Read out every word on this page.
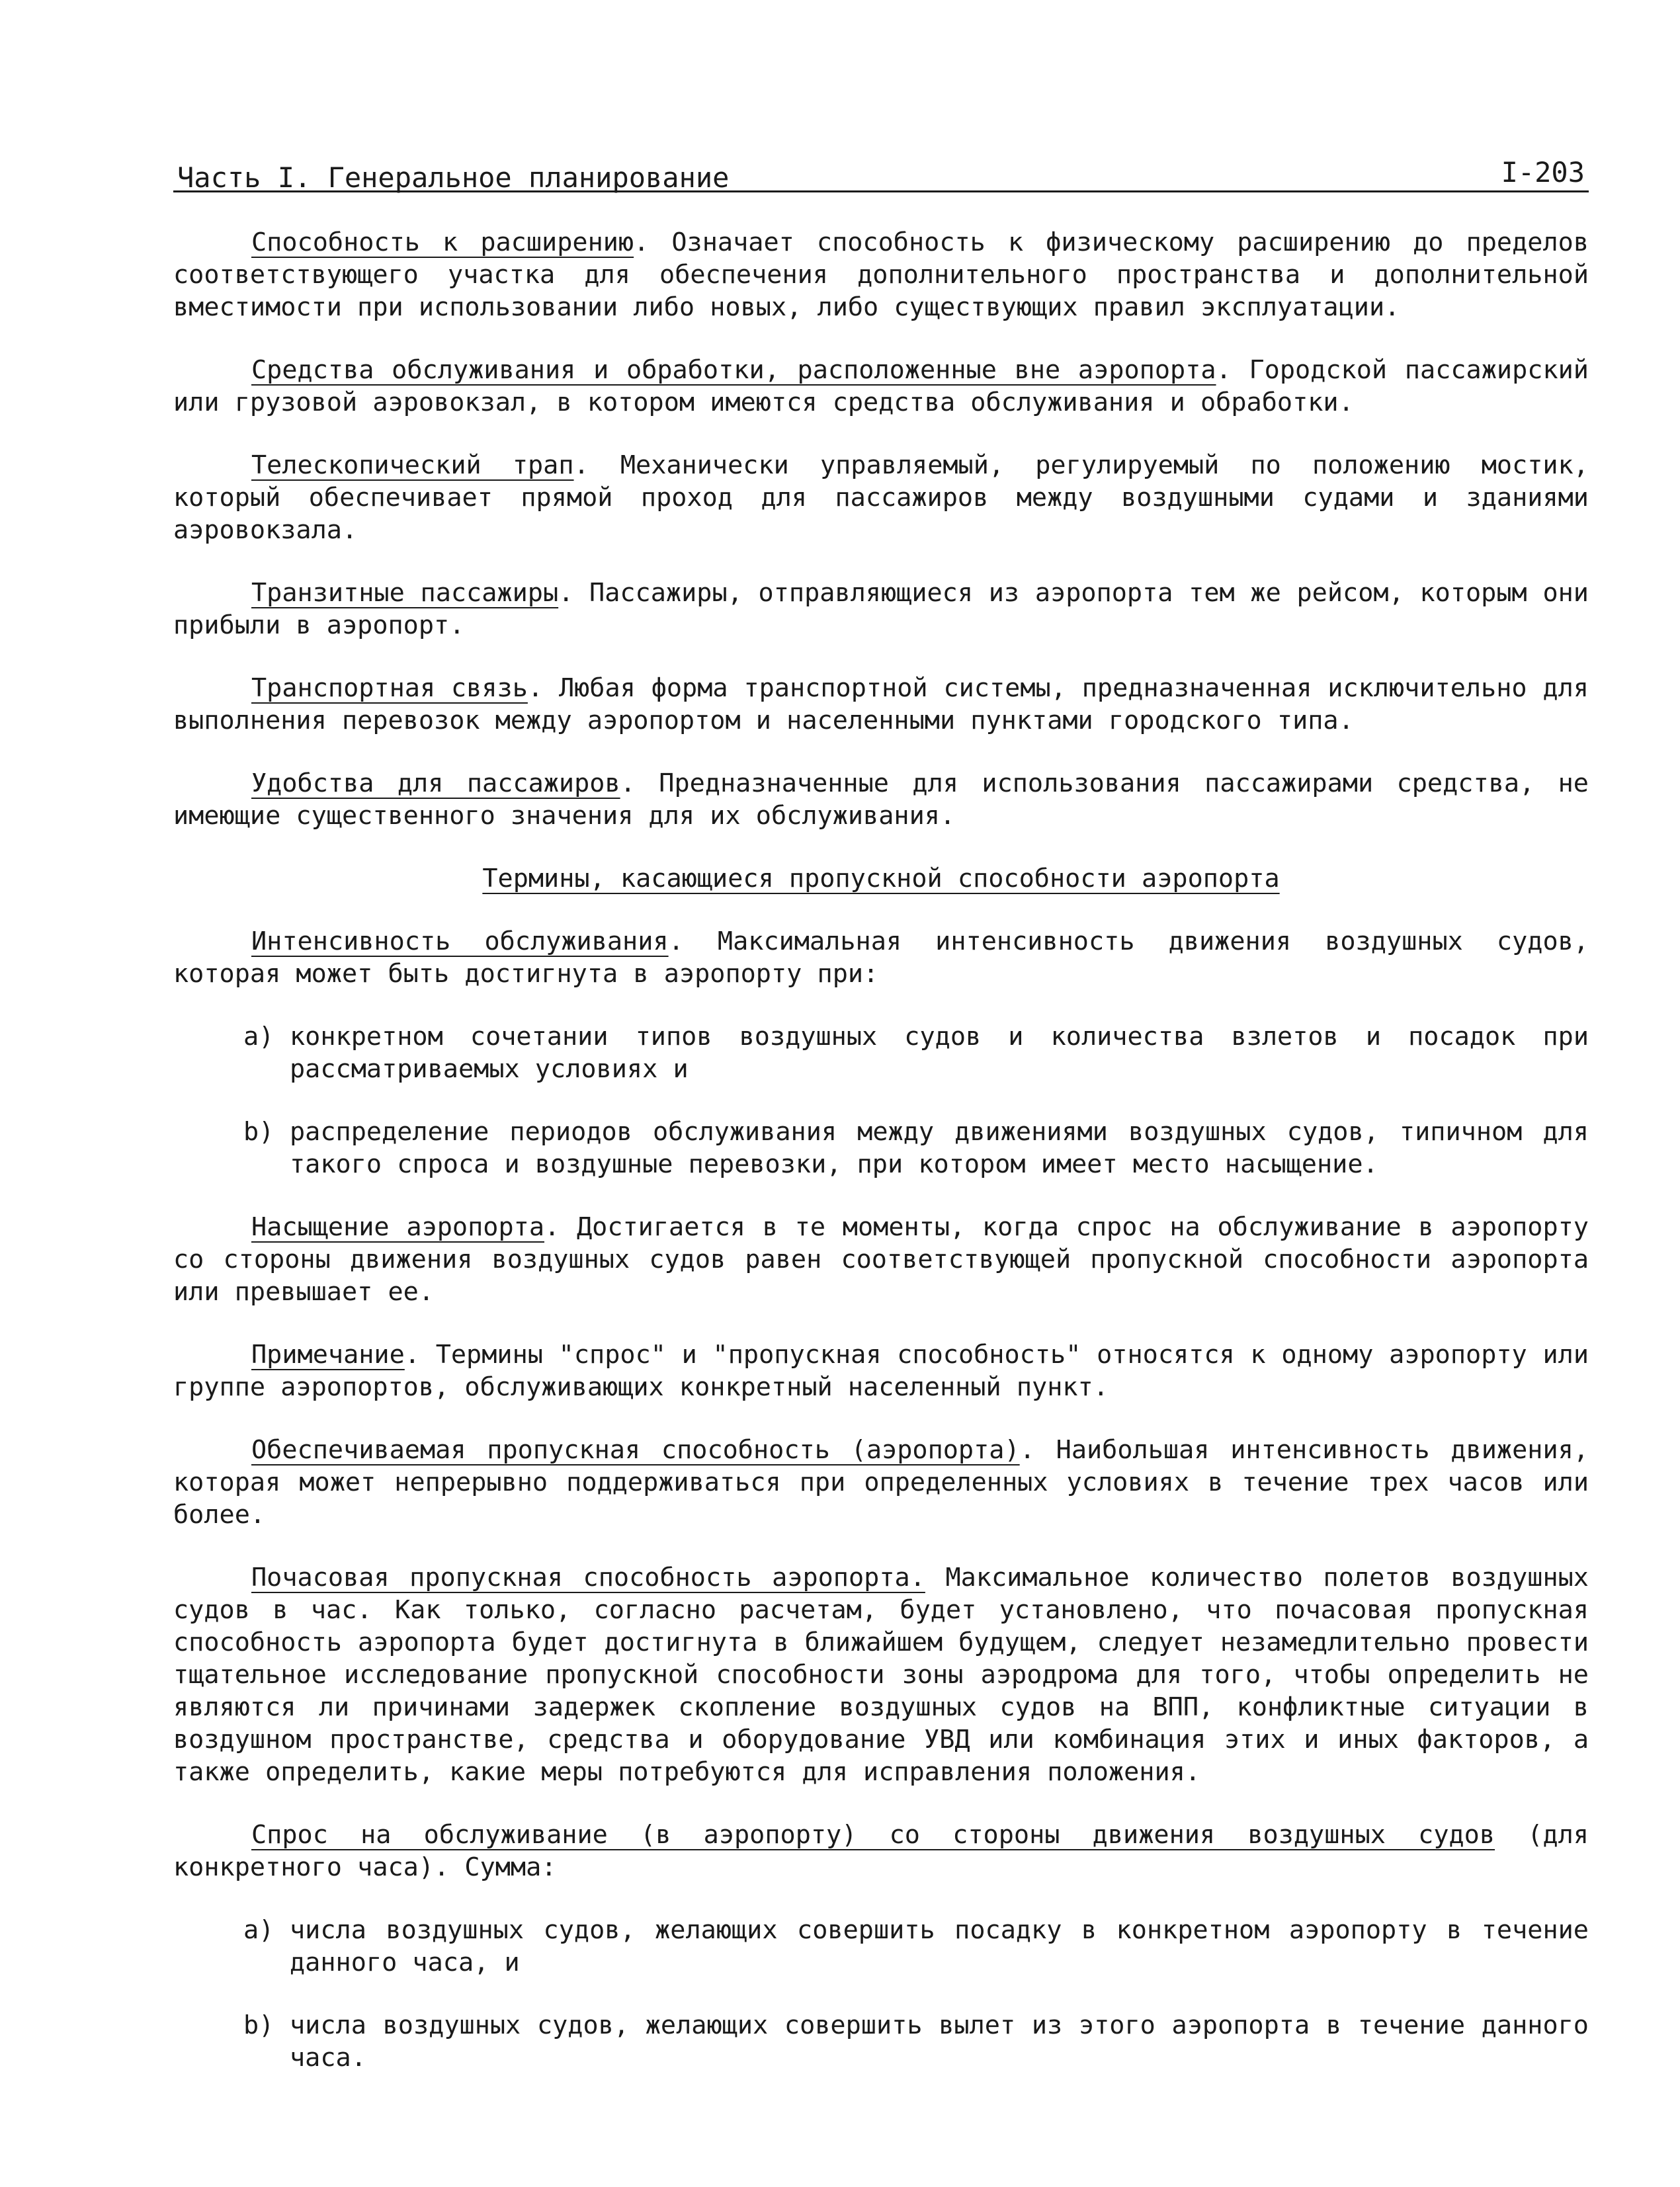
Часть I. Генеральное планирование	I-203

Способность к расширению. Означает способность к физическому расширению до пределов соответствующего участка для обеспечения дополнительного пространства и дополнительной вместимости при использовании либо новых, либо существующих правил эксплуатации.

Средства обслуживания и обработки, расположенные вне аэропорта. Городской пассажирский или грузовой аэровокзал, в котором имеются средства обслуживания и обработки.

Телескопический трап. Механически управляемый, регулируемый по положению мостик, который обеспечивает прямой проход для пассажиров между воздушными судами и зданиями аэровокзала.

Транзитные пассажиры. Пассажиры, отправляющиеся из аэропорта тем же рейсом, которым они прибыли в аэропорт.

Транспортная связь. Любая форма транспортной системы, предназначенная исключительно для выполнения перевозок между аэропортом и населенными пунктами городского типа.

Удобства для пассажиров. Предназначенные для использования пассажирами средства, не имеющие существенного значения для их обслуживания.

Термины, касающиеся пропускной способности аэропорта

Интенсивность обслуживания. Максимальная интенсивность движения воздушных судов, которая может быть достигнута в аэропорту при:

a) конкретном сочетании типов воздушных судов и количества взлетов и посадок при рассматриваемых условиях и
b) распределение периодов обслуживания между движениями воздушных судов, типичном для такого спроса и воздушные перевозки, при котором имеет место насыщение.

Насыщение аэропорта. Достигается в те моменты, когда спрос на обслуживание в аэропорту со стороны движения воздушных судов равен соответствующей пропускной способности аэропорта или превышает ее.

Примечание. Термины "спрос" и "пропускная способность" относятся к одному аэропорту или группе аэропортов, обслуживающих конкретный населенный пункт.

Обеспечиваемая пропускная способность (аэропорта). Наибольшая интенсивность движения, которая может непрерывно поддерживаться при определенных условиях в течение трех часов или более.

Почасовая пропускная способность аэропорта. Максимальное количество полетов воздушных судов в час. Как только, согласно расчетам, будет установлено, что почасовая пропускная способность аэропорта будет достигнута в ближайшем будущем, следует незамедлительно провести тщательное исследование пропускной способности зоны аэродрома для того, чтобы определить не являются ли причинами задержек скопление воздушных судов на ВПП, конфликтные ситуации в воздушном пространстве, средства и оборудование УВД или комбинация этих и иных факторов, а также определить, какие меры потребуются для исправления положения.

Спрос на обслуживание (в аэропорту) со стороны движения воздушных судов (для конкретного часа). Сумма:

a) числа воздушных судов, желающих совершить посадку в конкретном аэропорту в течение данного часа, и
b) числа воздушных судов, желающих совершить вылет из этого аэропорта в течение данного часа.
